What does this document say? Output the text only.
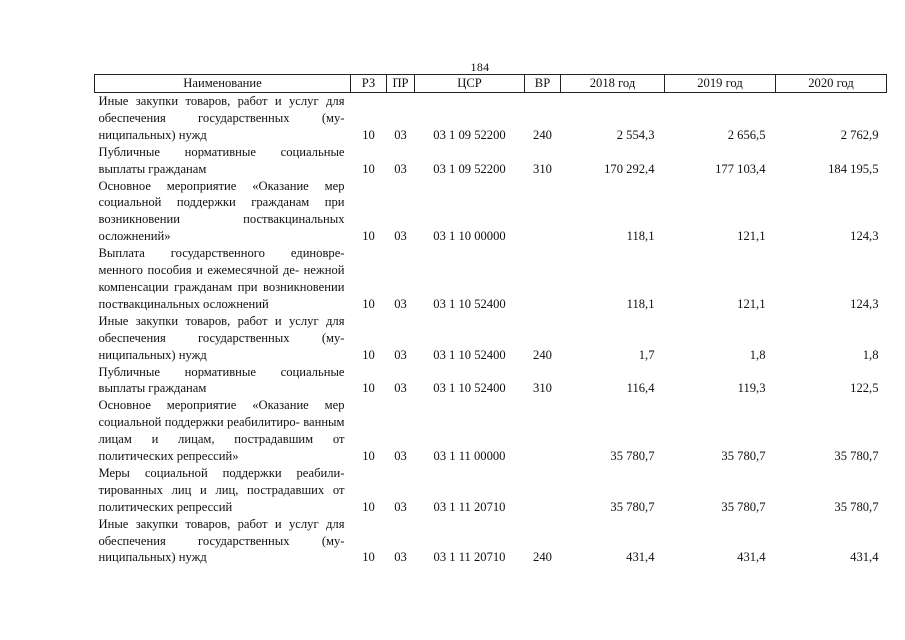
184
Наименование	РЗ	ПР	ЦСР	ВР	2018 год	2019 год	2020 год
Иные закупки товаров, работ и услуг для обеспечения государственных (му- ниципальных) нужд	10	03	03 1 09 52200	240	2 554,3	2 656,5	2 762,9
Публичные нормативные социальные выплаты гражданам	10	03	03 1 09 52200	310	170 292,4	177 103,4	184 195,5
Основное мероприятие «Оказание мер социальной поддержки гражданам при возникновении поствакцинальных осложнений»	10	03	03 1 10 00000		118,1	121,1	124,3
Выплата государственного единовре- менного пособия и ежемесячной де- нежной компенсации гражданам при возникновении поствакцинальных осложнений	10	03	03 1 10 52400		118,1	121,1	124,3
Иные закупки товаров, работ и услуг для обеспечения государственных (му- ниципальных) нужд	10	03	03 1 10 52400	240	1,7	1,8	1,8
Публичные нормативные социальные выплаты гражданам	10	03	03 1 10 52400	310	116,4	119,3	122,5
Основное мероприятие «Оказание мер социальной поддержки реабилитиро- ванным лицам и лицам, пострадавшим от политических репрессий»	10	03	03 1 11 00000		35 780,7	35 780,7	35 780,7
Меры социальной поддержки реабили- тированных лиц и лиц, пострадавших от политических репрессий	10	03	03 1 11 20710		35 780,7	35 780,7	35 780,7
Иные закупки товаров, работ и услуг для обеспечения государственных (му- ниципальных) нужд	10	03	03 1 11 20710	240	431,4	431,4	431,4
